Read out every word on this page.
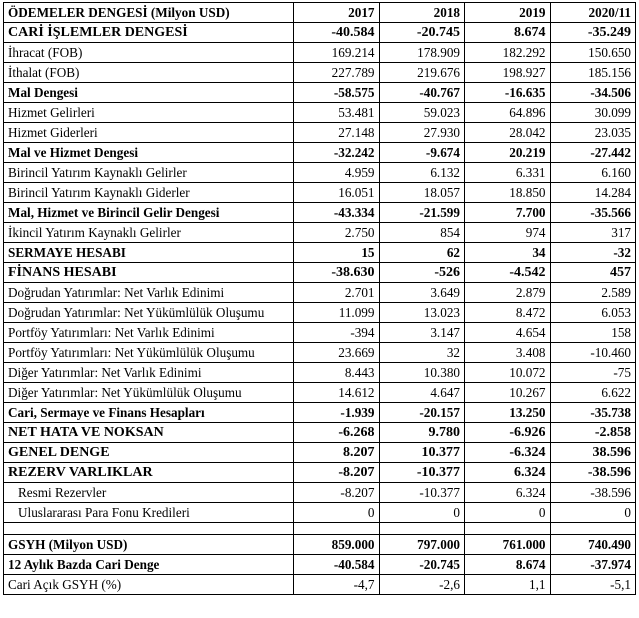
ÖDEMELER DENGESİ (Milyon USD)	2017	2018	2019	2020/11
CARİ İŞLEMLER DENGESİ	-40.584	-20.745	8.674	-35.249
İhracat (FOB)	169.214	178.909	182.292	150.650
İthalat (FOB)	227.789	219.676	198.927	185.156
Mal Dengesi	-58.575	-40.767	-16.635	-34.506
Hizmet Gelirleri	53.481	59.023	64.896	30.099
Hizmet Giderleri	27.148	27.930	28.042	23.035
Mal ve Hizmet Dengesi	-32.242	-9.674	20.219	-27.442
Birincil Yatırım Kaynaklı Gelirler	4.959	6.132	6.331	6.160
Birincil Yatırım Kaynaklı Giderler	16.051	18.057	18.850	14.284
Mal, Hizmet ve Birincil Gelir Dengesi	-43.334	-21.599	7.700	-35.566
İkincil Yatırım Kaynaklı Gelirler	2.750	854	974	317
SERMAYE HESABI	15	62	34	-32
FİNANS HESABI	-38.630	-526	-4.542	457
Doğrudan Yatırımlar: Net Varlık Edinimi	2.701	3.649	2.879	2.589
Doğrudan Yatırımlar: Net Yükümlülük Oluşumu	11.099	13.023	8.472	6.053
Portföy Yatırımları: Net Varlık Edinimi	-394	3.147	4.654	158
Portföy Yatırımları: Net Yükümlülük Oluşumu	23.669	32	3.408	-10.460
Diğer Yatırımlar: Net Varlık Edinimi	8.443	10.380	10.072	-75
Diğer Yatırımlar: Net Yükümlülük Oluşumu	14.612	4.647	10.267	6.622
Cari, Sermaye ve Finans Hesapları	-1.939	-20.157	13.250	-35.738
NET HATA VE NOKSAN	-6.268	9.780	-6.926	-2.858
GENEL DENGE	8.207	10.377	-6.324	38.596
REZERV VARLIKLAR	-8.207	-10.377	6.324	-38.596
Resmi Rezervler	-8.207	-10.377	6.324	-38.596
Uluslararası Para Fonu Kredileri	0	0	0	0

GSYH (Milyon USD)	859.000	797.000	761.000	740.490
12 Aylık Bazda Cari Denge	-40.584	-20.745	8.674	-37.974
Cari Açık GSYH (%)	-4,7	-2,6	1,1	-5,1
